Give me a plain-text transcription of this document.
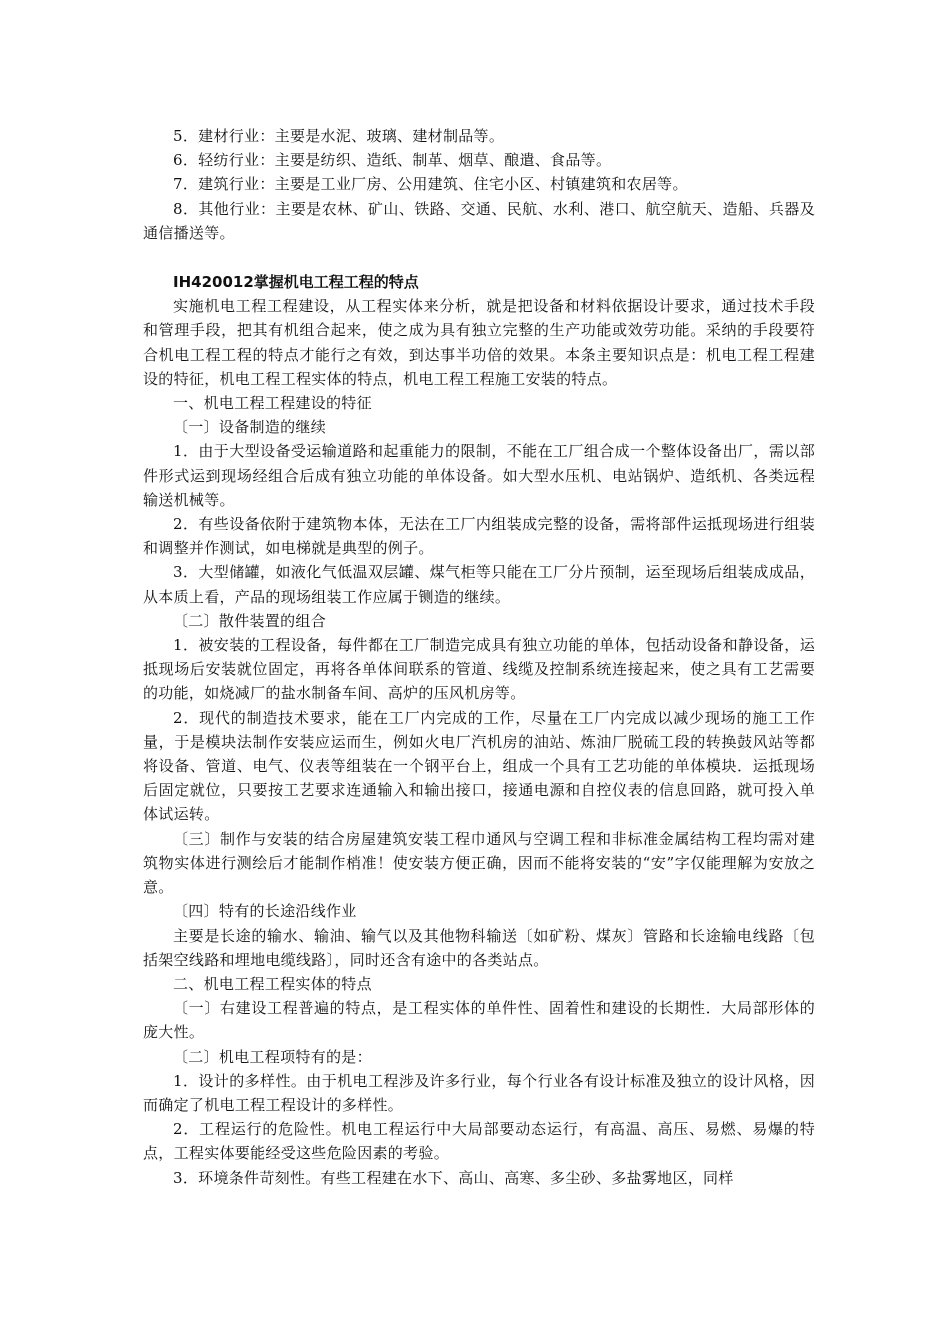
5．建材行业：主要是水泥、玻璃、建材制品等。

6．轻纺行业：主要是纺织、造纸、制革、烟草、酿遣、食品等。

7．建筑行业：主要是工业厂房、公用建筑、住宅小区、村镇建筑和农居等。

8．其他行业：主要是农林、矿山、铁路、交通、民航、水利、港口、航空航天、造船、兵器及通信播送等。

IH420012掌握机电工程工程的特点

实施机电工程工程建设，从工程实体来分析，就是把设备和材料依据设计要求，通过技术手段和管理手段，把其有机组合起来，使之成为具有独立完整的生产功能或效劳功能。采纳的手段要符合机电工程工程的特点才能行之有效，到达事半功倍的效果。本条主要知识点是：机电工程工程建设的特征，机电工程工程实体的特点，机电工程工程施工安装的特点。

一、机电工程工程建设的特征

〔一〕设备制造的继续

1．由于大型设备受运输道路和起重能力的限制，不能在工厂组合成一个整体设备出厂，需以部件形式运到现场经组合后成有独立功能的单体设备。如大型水压机、电站锅炉、造纸机、各类远程输送机械等。

2．有些设备依附于建筑物本体，无法在工厂内组装成完整的设备，需将部件运抵现场进行组装和调整并作测试，如电梯就是典型的例子。

3．大型储罐，如液化气低温双层罐、煤气柜等只能在工厂分片预制，运至现场后组装成成品，从本质上看，产品的现场组装工作应属于铡造的继续。

〔二〕散件装置的组合

1．被安装的工程设备，每件都在工厂制造完成具有独立功能的单体，包括动设备和静设备，运抵现场后安装就位固定，再将各单体间联系的管道、线缆及控制系统连接起来，使之具有工艺需要的功能，如烧减厂的盐水制备车间、高炉的压风机房等。

2．现代的制造技术要求，能在工厂内完成的工作，尽量在工厂内完成以减少现场的施工工作量，于是模块法制作安装应运而生，例如火电厂汽机房的油站、炼油厂脱硫工段的转换鼓风站等都将设备、管道、电气、仪表等组装在一个钢平台上，组成一个具有工艺功能的单体模块．运抵现场后固定就位，只要按工艺要求连通输入和输出接口，接通电源和自控仪表的信息回路，就可投入单体试运转。

〔三〕制作与安装的结合房屋建筑安装工程巾通风与空调工程和非标准金属结构工程均需对建筑物实体进行测绘后才能制作梢准！使安装方便正确，因而不能将安装的“安”字仅能理解为安放之意。

〔四〕特有的长途沿线作业

主要是长途的输水、输油、输气以及其他物科输送〔如矿粉、煤灰〕管路和长途输电线路〔包括架空线路和埋地电缆线路〕，同时还含有途中的各类站点。

二、机电工程工程实体的特点

〔一〕右建设工程普遍的特点，是工程实体的单件性、固着性和建设的长期性．大局部形体的庞大性。

〔二〕机电工程项特有的是：

1．设计的多样性。由于机电工程涉及许多行业，每个行业各有设计标准及独立的设计风格，因而确定了机电工程工程设计的多样性。

2．工程运行的危险性。机电工程运行中大局部要动态运行，有高温、高压、易燃、易爆的特点，工程实体要能经受这些危险因素的考验。

3．环境条件苛刻性。有些工程建在水下、高山、高寒、多尘砂、多盐雾地区，同样
